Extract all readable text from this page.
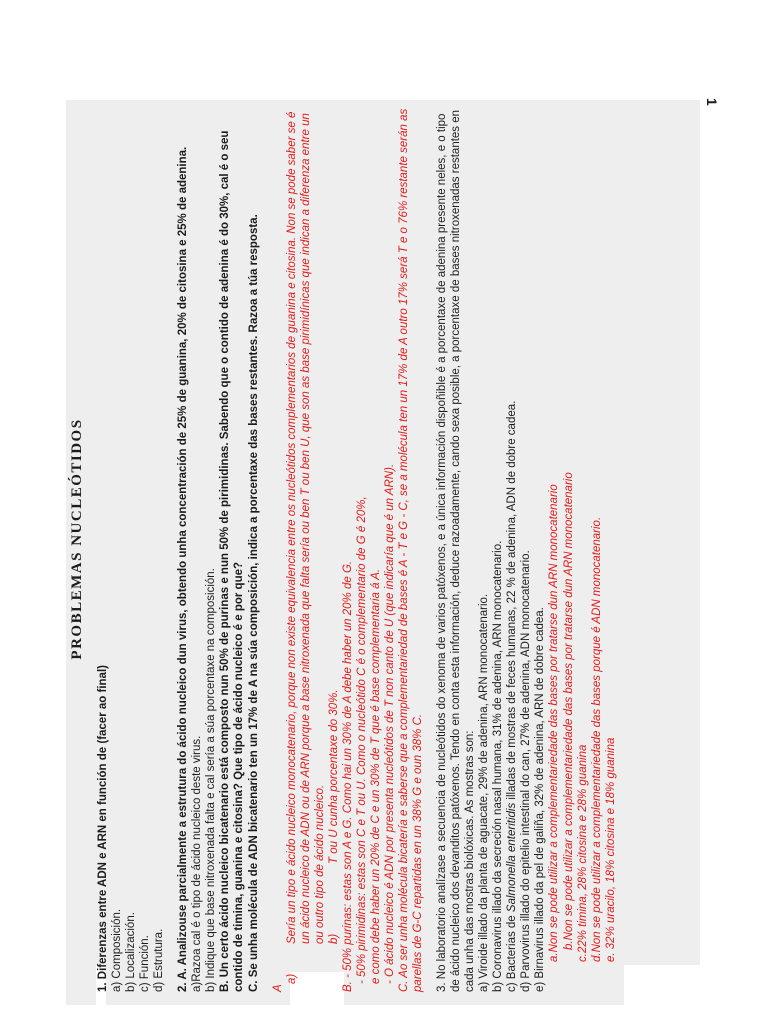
1
PROBLEMAS NUCLEÓTIDOS

1. Diferenzas entre ADN e ARN en función de (facer ao final) a) Composición. b) Localización. c) Función. d) Estrutura. 2. A. Analizouse parcialmente a estrutura do ácido nucleico dun virus, obtendo unha concentración de 25% de guanina, 20% de citosina e 25% de adenina. a)Razoa cal é o tipo de ácido nucleico deste virus. b) Indique que base nitroxenada falta e cal sería a súa porcentaxe na composición. B. Un certo ácido nucleico bicatenario está composto nun 50% de purinas e nun 50% de pirimidinas. Sabendo que o contido de adenina é do 30%, cal é o seu contido de timina, guanina e citosina? Que tipo de ácido nucleico é e por que? C. Se unha molécula de ADN bicatenario ten un 17% de A na súa composición, indica a porcentaxe das bases restantes. Razoa a túa resposta. A

a)
Sería un tipo e ácido nucleico monocatenario, porque non existe equivalencia entre os nucleótidos complementarios de guanina e citosina. Non se pode saber se é un ácido nucleico de ADN ou de ARN porque a base nitroxenada que falta sería ou ben T ou ben U, que son as base pirimidínicas que indican a diferenza entre un ou outro tipo de ácido nucleico. b)
T ou U cunha porcentaxe do 30%. B. - 50% purinas: estas son A e G. Como hai un 30% de A debe haber un 20% de G. - 50% pirimidinas: estas son C e T ou U. Como o nucleótido C é o complementario de G é 20%, e como debe haber un 20% de C e un 30% de T que é base complementaria á A. - O ácido nucleico é ADN por presenta nucleótidos de T non canto de U (que indicaría que é un ARN). C. Ao ser unha molécula bicatería e saberse que a complementariedad de bases é A - T e G - C, se a molécula ten un 17% de A outro 17% será T e o 76% restante serán as parellas de G-C repartidas en un 38% G e oun 38% C. 3. No laboratorio analízase a secuencia de nucleótidos do xenoma de varios patóxenos, e a única información dispoñible é a porcentaxe de adenina presente neles, e o tipo de ácido nucleico dos devanditos patóxenos. Tendo en conta esta información, deduce razoadamente, cando sexa posible, a porcentaxe de bases nitroxenadas restantes en cada unha das mostras biolóxicas. As mostras son: a) Viroide illado da planta de aguacate, 29% de adenina, ARN monocatenario. b) Coronavirus illado da secreción nasal humana, 31% de adenina, ARN monocatenario. c) Bacterias de Salmonella enteritidis illadas de mostras de feces humanas, 22 % de adenina, ADN de dobre cadea. d) Parvovirus illado do epitelio intestinal do can, 27% de adenina, ADN monocatenario. e) Birnavirus illado da pel de galiña, 32% de adenina, ARN de dobre cadea. a.Non se pode utilizar a complementariedade das bases por tratarse dun ARN monocatenario b.Non se pode utilizar a complementariedade das bases por tratarse dun ARN monocatenario c.22% timina, 28% citosina e 28% guanina d.Non se pode utilizar a complementariedade das bases porque é ADN monocatenario. e. 32% uracilo, 18% citosina e 18% guanina
